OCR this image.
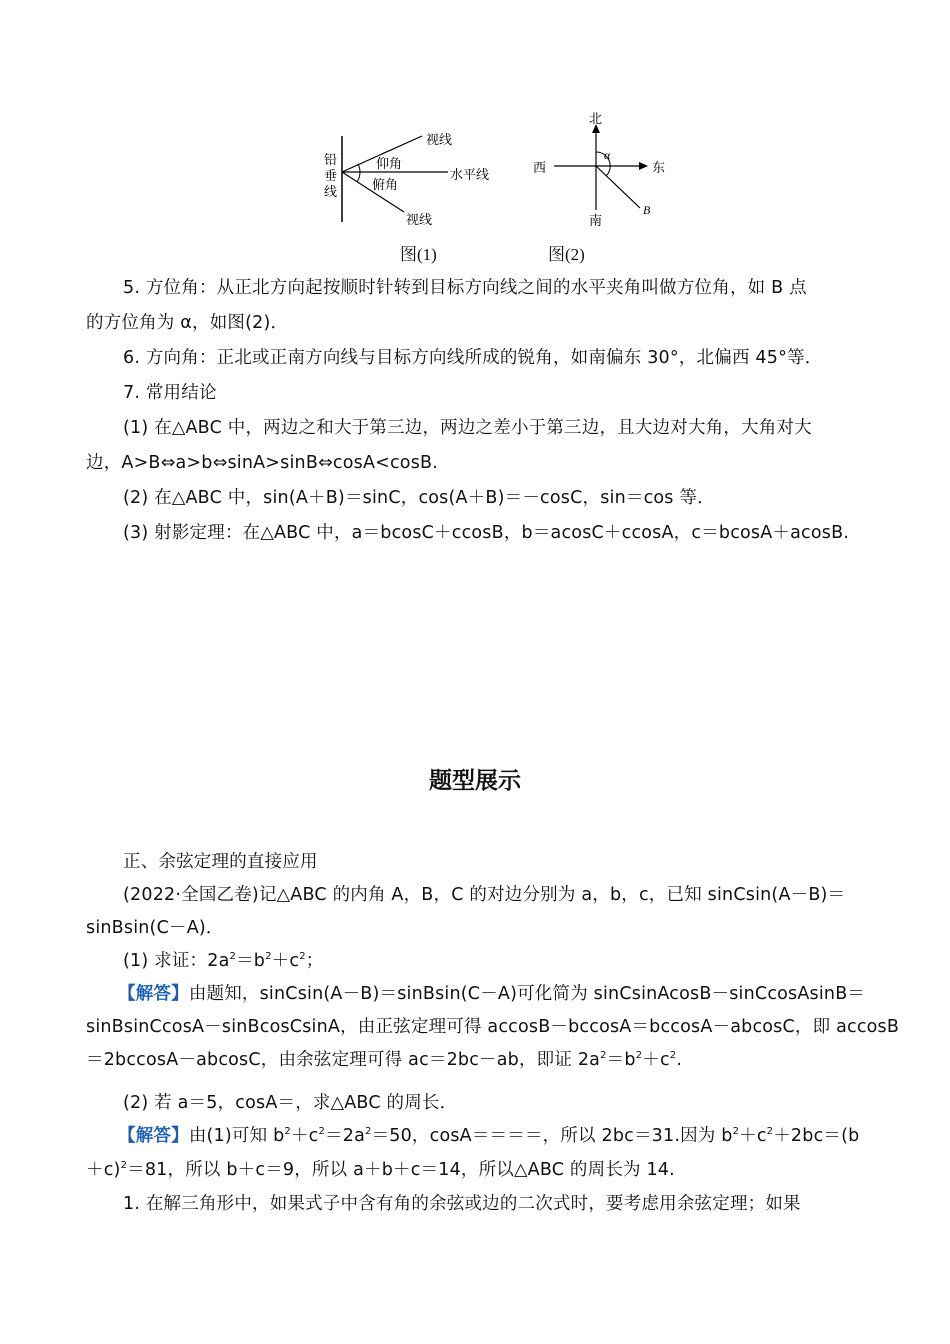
铅
垂
线
视线
仰角
俯角
水平线
视线
北
南
东
西
α
B
图(1)	图(2)
5. 方位角：从正北方向起按顺时针转到目标方向线之间的水平夹角叫做方位角，如 B 点
的方位角为 α，如图(2)．
6. 方向角：正北或正南方向线与目标方向线所成的锐角，如南偏东 30°，北偏西 45°等．
7. 常用结论
(1) 在△ABC 中，两边之和大于第三边，两边之差小于第三边，且大边对大角，大角对大
边，A>B⇔a>b⇔sinA>sinB⇔cosA<cosB.
(2) 在△ABC 中，sin(A＋B)＝sinC，cos(A＋B)＝－cosC，sin＝cos 等．
(3) 射影定理：在△ABC 中，a＝bcosC＋ccosB，b＝acosC＋ccosA，c＝bcosA＋acosB.
题型展示
正、余弦定理的直接应用
(2022·全国乙卷)记△ABC 的内角 A，B，C 的对边分别为 a，b，c，已知 sinCsin(A－B)＝
sinBsin(C－A)．
(1) 求证：$2a^2=b^2+c^2$；
【解答】由题知，sinCsin(A－B)＝sinBsin(C－A)可化简为 sinCsinAcosB－sinCcosAsinB＝
sinBsinCcosA－sinBcosCsinA，由正弦定理可得 accosB－bccosA＝bccosA－abcosC，即 accosB
＝2bccosA－abcosC，由余弦定理可得 ac＝2bc－ab，即证 $2a^2=b^2+c^2$.
(2) 若 a＝5，cosA＝，求△ABC 的周长．
【解答】由(1)可知 $b^2+c^2=2a^2=50$，cosA＝＝＝＝，所以 2bc＝31.因为 $b^2+c^2+2bc=(b$
＋c)$^2$＝81，所以 b＋c＝9，所以 a＋b＋c＝14，所以△ABC 的周长为 14.
1. 在解三角形中，如果式子中含有角的余弦或边的二次式时，要考虑用余弦定理；如果
